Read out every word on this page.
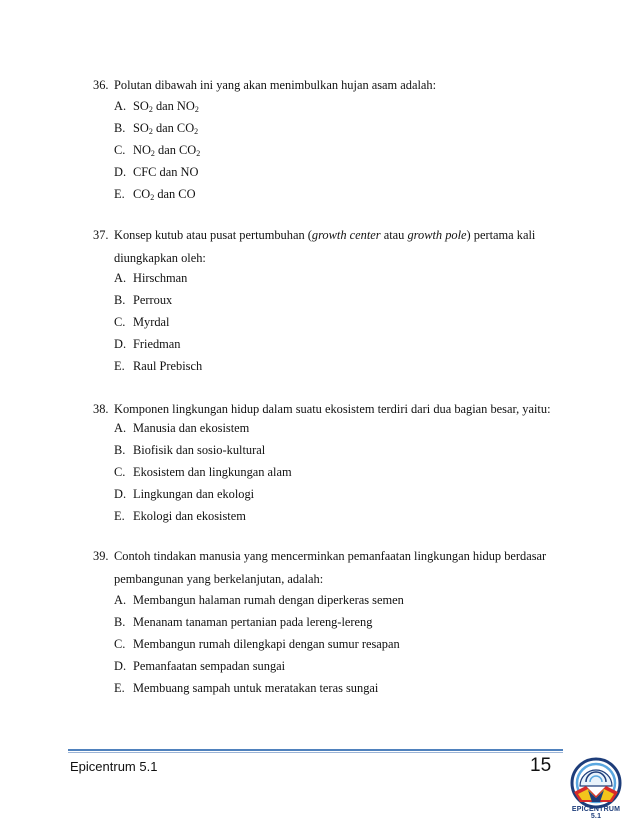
36. Polutan dibawah ini yang akan menimbulkan hujan asam adalah:
A. $SO_2$ dan $NO_2$
B. $SO_2$ dan $CO_2$
C. $NO_2$ dan $CO_2$
D. CFC dan NO
E. $CO_2$ dan CO
37. Konsep kutub atau pusat pertumbuhan (growth center atau growth pole) pertama kali
diungkapkan oleh:
A. Hirschman
B. Perroux
C. Myrdal
D. Friedman
E. Raul Prebisch
38. Komponen lingkungan hidup dalam suatu ekosistem terdiri dari dua bagian besar, yaitu:
A. Manusia dan ekosistem
B. Biofisik dan sosio-kultural
C. Ekosistem dan lingkungan alam
D. Lingkungan dan ekologi
E. Ekologi dan ekosistem
39. Contoh tindakan manusia yang mencerminkan pemanfaatan lingkungan hidup berdasar
pembangunan yang berkelanjutan, adalah:
A. Membangun halaman rumah dengan diperkeras semen
B. Menanam tanaman pertanian pada lereng-lereng
C. Membangun rumah dilengkapi dengan sumur resapan
D. Pemanfaatan sempadan sungai
E. Membuang sampah untuk meratakan teras sungai
Epicentrum 5.1	15
EPICENTRUM 5.1
